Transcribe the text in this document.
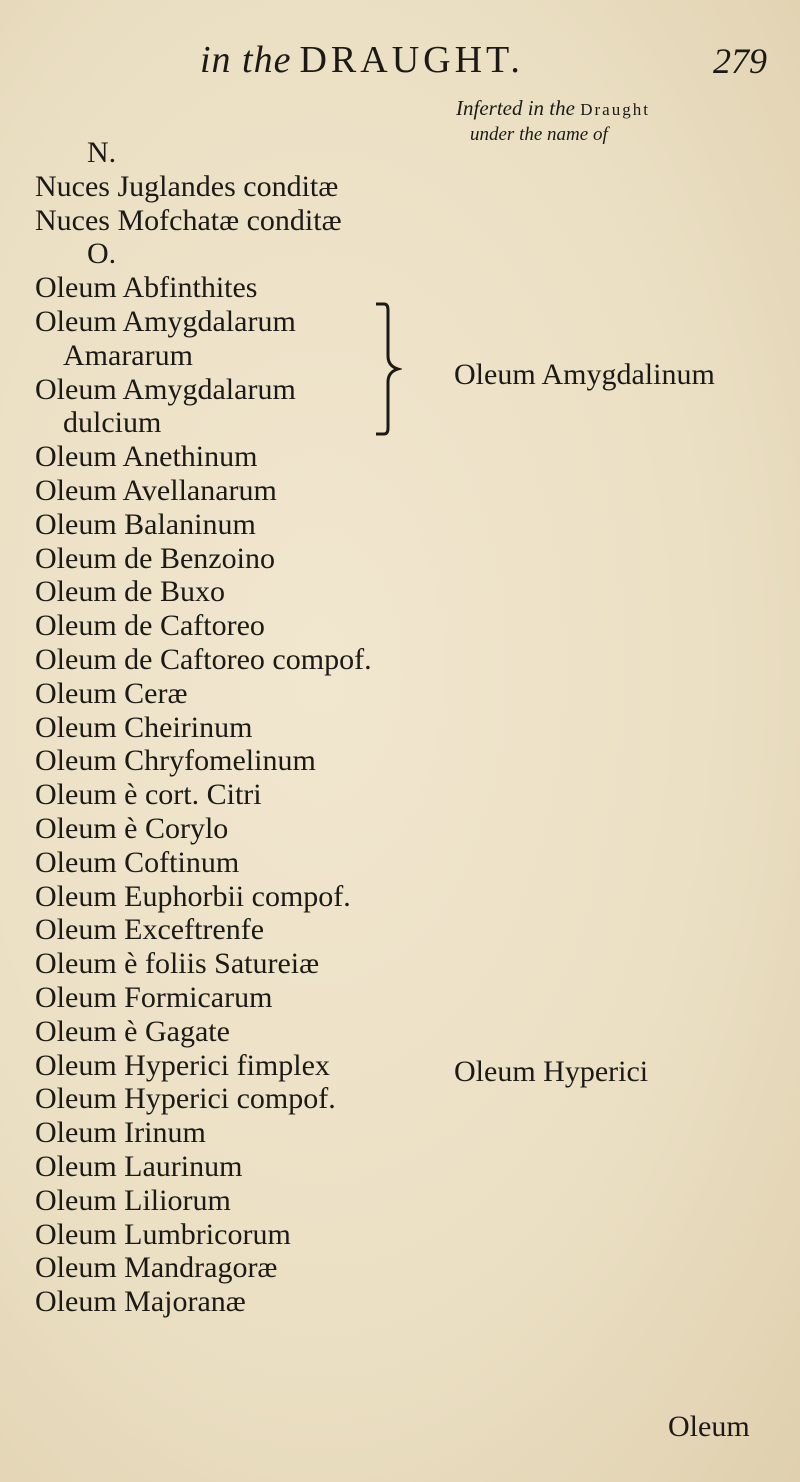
in the DRAUGHT.	279
Inferted in the Draught
under the name of
N.
Nuces Juglandes conditæ
Nuces Mofchatæ conditæ
O.
Oleum Abfinthites
Oleum Amygdalarum
Amararum
Oleum Amygdalarum
dulcium
Oleum Anethinum
Oleum Avellanarum
Oleum Balaninum
Oleum de Benzoino
Oleum de Buxo
Oleum de Caftoreo
Oleum de Caftoreo compof.
Oleum Ceræ
Oleum Cheirinum
Oleum Chryfomelinum
Oleum è cort. Citri
Oleum è Corylo
Oleum Coftinum
Oleum Euphorbii compof.
Oleum Exceftrenfe
Oleum è foliis Satureiæ
Oleum Formicarum
Oleum è Gagate
Oleum Hyperici fimplex
Oleum Hyperici compof.
Oleum Irinum
Oleum Laurinum
Oleum Liliorum
Oleum Lumbricorum
Oleum Mandragoræ
Oleum Majoranæ
Oleum Amygdalinum
Oleum Hyperici
Oleum
